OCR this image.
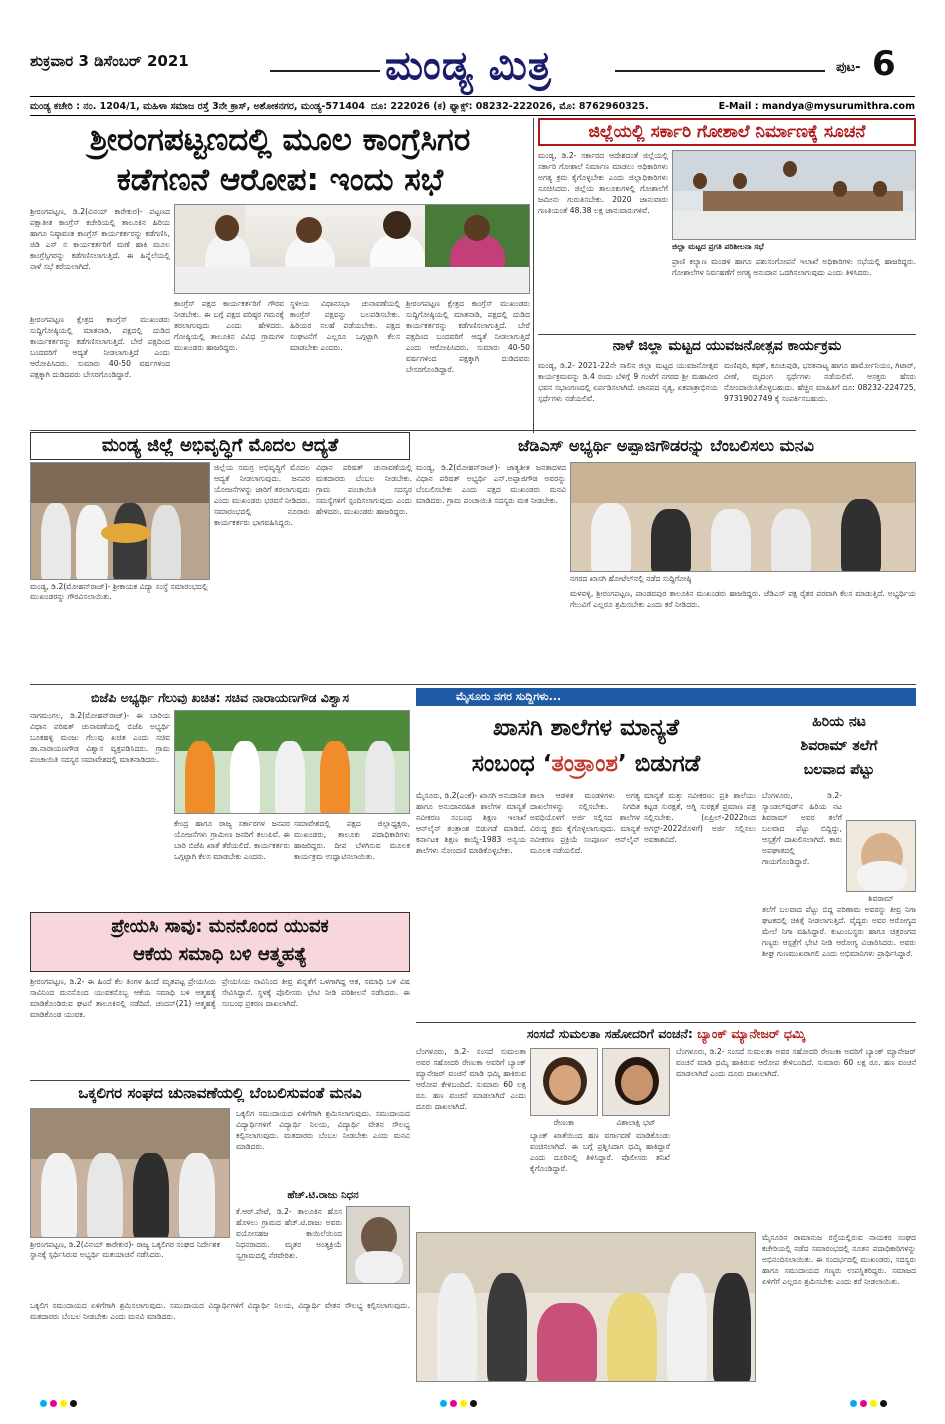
ಶುಕ್ರವಾರ 3 ಡಿಸೆಂಬರ್ 2021	ಮಂಡ್ಯ ಮಿತ್ರ	ಪುಟ- 6
ಮಂಡ್ಯ ಕಚೇರಿ : ನಂ. 1204/1, ಮಹಿಳಾ ಸಮಾಜ ರಸ್ತೆ 3ನೇ ಕ್ರಾಸ್, ಅಶೋಕನಗರ, ಮಂಡ್ಯ-571404 ದೂ: 222026 (ಕ) ಫ್ಯಾಕ್ಸ್: 08232-222026, ಮೊ: 8762960325.	E-Mail : mandya@mysurumithra.com
ಶ್ರೀರಂಗಪಟ್ಟಣದಲ್ಲಿ ಮೂಲ ಕಾಂಗ್ರೆಸಿಗರ
ಕಡೆಗಣನೆ ಆರೋಪ: ಇಂದು ಸಭೆ
ಶ್ರೀರಂಗಪಟ್ಟಣ, ಡಿ.2(ವಿನಯ್ ಕಾರೇಕುರ)- ಪಟ್ಟಣದ ಪಕ್ಷಾತೀತ ಕಾಂಗ್ರೆಸ್ ಕಚೇರಿಯಲ್ಲಿ ತಾಲೂಕಿನ ಹಿರಿಯ ಹಾಗೂ ನಿಷ್ಠಾವಂತ ಕಾಂಗ್ರೆಸ್ ಕಾರ್ಯಕರ್ತರನ್ನು ಕಡೆಗಣಿಸಿ, ಜಿಡಿ ಎಸ್ ನ ಕಾರ್ಯಕರ್ತರಿಗೆ ಮಣೆ ಹಾಕಿ ಮೂಲ ಕಾಂಗ್ರೆಸ್ಸಿಗರನ್ನು ಕಡೆಗಣಿಸಲಾಗುತ್ತಿದೆ. ಈ ಹಿನ್ನೆಲೆಯಲ್ಲಿ ನಾಳೆ ಸಭೆ ಕರೆಯಲಾಗಿದೆ.
ಶ್ರೀರಂಗಪಟ್ಟಣ ಕ್ಷೇತ್ರದ ಕಾಂಗ್ರೆಸ್ ಮುಖಂಡರು ಸುದ್ದಿಗೋಷ್ಠಿಯಲ್ಲಿ ಮಾತನಾಡಿ, ಪಕ್ಷದಲ್ಲಿ ದುಡಿದ ಕಾರ್ಯಕರ್ತರನ್ನು ಕಡೆಗಣಿಸಲಾಗುತ್ತಿದೆ. ಬೇರೆ ಪಕ್ಷದಿಂದ ಬಂದವರಿಗೆ ಆದ್ಯತೆ ನೀಡಲಾಗುತ್ತಿದೆ ಎಂದು ಆರೋಪಿಸಿದರು. ಸುಮಾರು 40-50 ವರ್ಷಗಳಿಂದ ಪಕ್ಷಕ್ಕಾಗಿ ದುಡಿದವರು ಬೇಸರಗೊಂಡಿದ್ದಾರೆ.
ಕಾಂಗ್ರೆಸ್ ಪಕ್ಷದ ಕಾರ್ಯಕರ್ತರಿಗೆ ಗೌರವ ನೀಡಬೇಕು. ಈ ಬಗ್ಗೆ ಪಕ್ಷದ ವರಿಷ್ಠರ ಗಮನಕ್ಕೆ ತರಲಾಗುವುದು ಎಂದು ಹೇಳಿದರು. ಗೋಷ್ಠಿಯಲ್ಲಿ ತಾಲೂಕಿನ ವಿವಿಧ ಗ್ರಾಮಗಳ ಮುಖಂಡರು ಹಾಜರಿದ್ದರು.
ಸ್ಥಳೀಯ ವಿಧಾನಸಭಾ ಚುನಾವಣೆಯಲ್ಲಿ ಕಾಂಗ್ರೆಸ್ ಪಕ್ಷವನ್ನು ಬಲಪಡಿಸಬೇಕು. ಹಿರಿಯರ ಸಲಹೆ ಪಡೆಯಬೇಕು. ಪಕ್ಷದ ಸಂಘಟನೆಗೆ ಎಲ್ಲರೂ ಒಗ್ಗಟ್ಟಾಗಿ ಕೆಲಸ ಮಾಡಬೇಕು ಎಂದರು.
ಶ್ರೀರಂಗಪಟ್ಟಣ ಕ್ಷೇತ್ರದ ಕಾಂಗ್ರೆಸ್ ಮುಖಂಡರು ಸುದ್ದಿಗೋಷ್ಠಿಯಲ್ಲಿ ಮಾತನಾಡಿ, ಪಕ್ಷದಲ್ಲಿ ದುಡಿದ ಕಾರ್ಯಕರ್ತರನ್ನು ಕಡೆಗಣಿಸಲಾಗುತ್ತಿದೆ. ಬೇರೆ ಪಕ್ಷದಿಂದ ಬಂದವರಿಗೆ ಆದ್ಯತೆ ನೀಡಲಾಗುತ್ತಿದೆ ಎಂದು ಆರೋಪಿಸಿದರು. ಸುಮಾರು 40-50 ವರ್ಷಗಳಿಂದ ಪಕ್ಷಕ್ಕಾಗಿ ದುಡಿದವರು ಬೇಸರಗೊಂಡಿದ್ದಾರೆ.
ಜಿಲ್ಲೆಯಲ್ಲಿ ಸರ್ಕಾರಿ ಗೋಶಾಲೆ ನಿರ್ಮಾಣಕ್ಕೆ ಸೂಚನೆ
ಮಂಡ್ಯ, ಡಿ.2- ಸರ್ಕಾರದ ಆದೇಶದಂತೆ ಜಿಲ್ಲೆಯಲ್ಲಿ ಸರ್ಕಾರಿ ಗೋಶಾಲೆ ನಿರ್ಮಾಣ ಮಾಡಲು ಅಧಿಕಾರಿಗಳು ಅಗತ್ಯ ಕ್ರಮ ಕೈಗೊಳ್ಳಬೇಕು ಎಂದು ಜಿಲ್ಲಾಧಿಕಾರಿಗಳು ಸೂಚಿಸಿದರು. ಜಿಲ್ಲೆಯ ತಾಲೂಕುಗಳಲ್ಲಿ ಗೋಶಾಲೆಗೆ ಜಮೀನು ಗುರುತಿಸಬೇಕು. 2020 ಜಾನುವಾರು ಗಣತಿಯಂತೆ 48.38 ಲಕ್ಷ ಜಾನುವಾರುಗಳಿವೆ.
ಜಿಲ್ಲಾ ಮಟ್ಟದ ಪ್ರಗತಿ ಪರಿಶೀಲನಾ ಸಭೆ
ಪ್ರಾಣಿ ಕಲ್ಯಾಣ ಮಂಡಳಿ ಹಾಗೂ ಪಶುಸಂಗೋಪನೆ ಇಲಾಖೆ ಅಧಿಕಾರಿಗಳು ಸಭೆಯಲ್ಲಿ ಹಾಜರಿದ್ದರು. ಗೋಶಾಲೆಗಳ ನಿರ್ವಹಣೆಗೆ ಅಗತ್ಯ ಅನುದಾನ ಒದಗಿಸಲಾಗುವುದು ಎಂದು ತಿಳಿಸಿದರು.
ನಾಳೆ ಜಿಲ್ಲಾ ಮಟ್ಟದ ಯುವಜನೋತ್ಸವ ಕಾರ್ಯಕ್ರಮ
ಮಂಡ್ಯ, ಡಿ.2- 2021-22ನೇ ಸಾಲಿನ ಜಿಲ್ಲಾ ಮಟ್ಟದ ಯುವಜನೋತ್ಸವ ಕಾರ್ಯಕ್ರಮವನ್ನು ಡಿ.4 ರಂದು ಬೆಳಿಗ್ಗೆ 9 ಗಂಟೆಗೆ ನಗರದ ಶ್ರೀ ಮಹಾವೀರ ಭವನ ಸಭಾಂಗಣದಲ್ಲಿ ಏರ್ಪಡಿಸಲಾಗಿದೆ. ಜಾನಪದ ನೃತ್ಯ, ಏಕಪಾತ್ರಾಭಿನಯ ಸ್ಪರ್ಧೆಗಳು ನಡೆಯಲಿವೆ.
ಮಣಿಪುರಿ, ಕಥಕ್, ಕೂಚುಪುಡಿ, ಭರತನಾಟ್ಯ ಹಾಗೂ ಹಾರ್ಮೋನಿಯಂ, ಗಿಟಾರ್, ವೀಣೆ, ಮೃದಂಗ ಸ್ಪರ್ಧೆಗಳು ನಡೆಯಲಿವೆ. ಆಸಕ್ತರು ಹೆಸರು ನೋಂದಾಯಿಸಿಕೊಳ್ಳಬಹುದು. ಹೆಚ್ಚಿನ ಮಾಹಿತಿಗೆ ದೂ: 08232-224725, 9731902749 ಕ್ಕೆ ಸಂಪರ್ಕಿಸಬಹುದು.
ಮಂಡ್ಯ ಜಿಲ್ಲೆ ಅಭಿವೃದ್ಧಿಗೆ ಮೊದಲ ಆದ್ಯತೆ
ಮಂಡ್ಯ, ಡಿ.2(ಮೋಹನ್‌ರಾಜ್)- ಶ್ರೀಕಾಯಕ ವಿದ್ಯಾ ಸಂಸ್ಥೆ ಸಮಾರಂಭದಲ್ಲಿ ಮುಖಂಡರನ್ನು ಗೌರವಿಸಲಾಯಿತು.
ಜಿಲ್ಲೆಯ ಸಮಗ್ರ ಅಭಿವೃದ್ಧಿಗೆ ಮೊದಲ ಆದ್ಯತೆ ನೀಡಲಾಗುವುದು. ಜನಪರ ಯೋಜನೆಗಳನ್ನು ಜಾರಿಗೆ ತರಲಾಗುವುದು ಎಂದು ಮುಖಂಡರು ಭರವಸೆ ನೀಡಿದರು. ಸಮಾರಂಭದಲ್ಲಿ ನೂರಾರು ಕಾರ್ಯಕರ್ತರು ಭಾಗವಹಿಸಿದ್ದರು.
ವಿಧಾನ ಪರಿಷತ್ ಚುನಾವಣೆಯಲ್ಲಿ ಮತದಾರರು ಬೆಂಬಲ ನೀಡಬೇಕು. ಗ್ರಾಮ ಪಂಚಾಯಿತಿ ಸದಸ್ಯರ ಸಮಸ್ಯೆಗಳಿಗೆ ಸ್ಪಂದಿಸಲಾಗುವುದು ಎಂದು ಹೇಳಿದರು. ಮುಖಂಡರು ಹಾಜರಿದ್ದರು.
ಜೆಡಿಎಸ್ ಅಭ್ಯರ್ಥಿ ಅಪ್ಪಾಜಿಗೌಡರನ್ನು ಬೆಂಬಲಿಸಲು ಮನವಿ
ಮಂಡ್ಯ, ಡಿ.2(ಮೋಹನ್‌ರಾಜ್)- ಜಾತ್ಯತೀತ ಜನತಾದಳದ ವಿಧಾನ ಪರಿಷತ್ ಅಭ್ಯರ್ಥಿ ಎನ್.ಅಪ್ಪಾಜಿಗೌಡ ಅವರನ್ನು ಬೆಂಬಲಿಸಬೇಕು ಎಂದು ಪಕ್ಷದ ಮುಖಂಡರು ಮನವಿ ಮಾಡಿದರು. ಗ್ರಾಮ ಪಂಚಾಯಿತಿ ಸದಸ್ಯರು ಮತ ನೀಡಬೇಕು.
ನಗರದ ಖಾಸಗಿ ಹೋಟೆಲ್‌ನಲ್ಲಿ ನಡೆದ ಸುದ್ದಿಗೋಷ್ಠಿ
ಮಳವಳ್ಳಿ, ಶ್ರೀರಂಗಪಟ್ಟಣ, ಪಾಂಡವಪುರ ತಾಲೂಕಿನ ಮುಖಂಡರು ಹಾಜರಿದ್ದರು. ಜೆಡಿಎಸ್ ಪಕ್ಷ ರೈತರ ಪರವಾಗಿ ಕೆಲಸ ಮಾಡುತ್ತಿದೆ. ಅಭ್ಯರ್ಥಿಯ ಗೆಲುವಿಗೆ ಎಲ್ಲರೂ ಶ್ರಮಿಸಬೇಕು ಎಂದು ಕರೆ ನೀಡಿದರು.
ಬಿಜೆಪಿ ಅಭ್ಯರ್ಥಿ ಗೆಲುವು ಖಚಿತ: ಸಚಿವ ನಾರಾಯಣಗೌಡ ವಿಶ್ವಾಸ
ನಾಗಮಂಗಲ, ಡಿ.2(ಮೋಹನ್‌ರಾಜ್)- ಈ ಬಾರಿಯ ವಿಧಾನ ಪರಿಷತ್ ಚುನಾವಣೆಯಲ್ಲಿ ಬಿಜೆಪಿ ಅಭ್ಯರ್ಥಿ ಬೂಕಹಳ್ಳಿ ಮಂಜು ಗೆಲುವು ಖಚಿತ ಎಂದು ಸಚಿವ ಡಾ.ನಾರಾಯಣಗೌಡ ವಿಶ್ವಾಸ ವ್ಯಕ್ತಪಡಿಸಿದರು. ಗ್ರಾಮ ಪಂಚಾಯಿತಿ ಸದಸ್ಯರ ಸಮಾವೇಶದಲ್ಲಿ ಮಾತನಾಡಿದರು.
ಕೇಂದ್ರ ಹಾಗೂ ರಾಜ್ಯ ಸರ್ಕಾರಗಳ ಜನಪರ ಯೋಜನೆಗಳು ಗ್ರಾಮೀಣ ಜನರಿಗೆ ತಲುಪಿವೆ. ಈ ಬಾರಿ ಬಿಜೆಪಿ ಖಾತೆ ತೆರೆಯಲಿದೆ. ಕಾರ್ಯಕರ್ತರು ಒಗ್ಗಟ್ಟಾಗಿ ಕೆಲಸ ಮಾಡಬೇಕು ಎಂದರು.
ಸಮಾವೇಶದಲ್ಲಿ ಪಕ್ಷದ ಜಿಲ್ಲಾಧ್ಯಕ್ಷರು, ಮುಖಂಡರು, ತಾಲೂಕು ಪದಾಧಿಕಾರಿಗಳು ಹಾಜರಿದ್ದರು. ದೀಪ ಬೆಳಗಿಸುವ ಮೂಲಕ ಕಾರ್ಯಕ್ರಮ ಉದ್ಘಾಟಿಸಲಾಯಿತು.
ಮೈಸೂರು ನಗರ ಸುದ್ದಿಗಳು...
ಖಾಸಗಿ ಶಾಲೆಗಳ ಮಾನ್ಯತೆ
ಸಂಬಂಧ ‘ತಂತ್ರಾಂಶ’ ಬಿಡುಗಡೆ
ಮೈಸೂರು, ಡಿ.2(ಎಂಕೆ)- ಖಾಸಗಿ ಅನುದಾನಿತ ಹಾಗೂ ಅನುದಾನರಹಿತ ಶಾಲೆಗಳ ಮಾನ್ಯತೆ ನವೀಕರಣ ಸಂಬಂಧ ಶಿಕ್ಷಣ ಇಲಾಖೆ ಆನ್‌ಲೈನ್ ತಂತ್ರಾಂಶ ಬಿಡುಗಡೆ ಮಾಡಿದೆ. ಕರ್ನಾಟಕ ಶಿಕ್ಷಣ ಕಾಯ್ದೆ-1983 ಅನ್ವಯ ಶಾಲೆಗಳು ನೋಂದಣಿ ಮಾಡಿಕೊಳ್ಳಬೇಕು.
ಶಾಲಾ ಆಡಳಿತ ಮಂಡಳಿಗಳು ಅಗತ್ಯ ದಾಖಲೆಗಳನ್ನು ಸಲ್ಲಿಸಬೇಕು. ನಿಗದಿತ ಅವಧಿಯೊಳಗೆ ಅರ್ಜಿ ಸಲ್ಲಿಸದ ಶಾಲೆಗಳ ವಿರುದ್ಧ ಕ್ರಮ ಕೈಗೊಳ್ಳಲಾಗುವುದು. ಮಾನ್ಯತೆ ನವೀಕರಣ ಪ್ರಕ್ರಿಯೆ ಸಂಪೂರ್ಣ ಆನ್‌ಲೈನ್ ಮೂಲಕ ನಡೆಯಲಿದೆ.
ಮಾನ್ಯತೆ ಮತ್ತು ನವೀಕರಣ: ಪ್ರತಿ ಶಾಲೆಯು ಕಟ್ಟಡ ಸುರಕ್ಷತೆ, ಅಗ್ನಿ ಸುರಕ್ಷತೆ ಪ್ರಮಾಣ ಪತ್ರ ಸಲ್ಲಿಸಬೇಕು. (ಏಪ್ರಿಲ್-2022ರಿಂದ ಅಗಸ್ಟ್-2022ರೊಳಗೆ) ಅರ್ಜಿ ಸಲ್ಲಿಸಲು ಅವಕಾಶವಿದೆ.
ಹಿರಿಯ ನಟ
ಶಿವರಾಮ್ ತಲೆಗೆ
ಬಲವಾದ ಪೆಟ್ಟು
ಬೆಂಗಳೂರು, ಡಿ.2- ಸ್ಯಾಂಡಲ್‌ವುಡ್‌ನ ಹಿರಿಯ ನಟ ಶಿವರಾಮ್ ಅವರ ತಲೆಗೆ ಬಲವಾದ ಪೆಟ್ಟು ಬಿದ್ದಿದ್ದು, ಆಸ್ಪತ್ರೆಗೆ ದಾಖಲಿಸಲಾಗಿದೆ. ಕಾರು ಅಪಘಾತದಲ್ಲಿ ಗಾಯಗೊಂಡಿದ್ದಾರೆ.
ಶಿವರಾಮ್
ತಲೆಗೆ ಬಲವಾದ ಪೆಟ್ಟು ಬಿದ್ದ ಪರಿಣಾಮ ಅವರನ್ನು ತೀವ್ರ ನಿಗಾ ಘಟಕದಲ್ಲಿ ಚಿಕಿತ್ಸೆ ನೀಡಲಾಗುತ್ತಿದೆ. ವೈದ್ಯರು ಅವರ ಆರೋಗ್ಯದ ಮೇಲೆ ನಿಗಾ ವಹಿಸಿದ್ದಾರೆ. ಕುಟುಂಬಸ್ಥರು ಹಾಗೂ ಚಿತ್ರರಂಗದ ಗಣ್ಯರು ಆಸ್ಪತ್ರೆಗೆ ಭೇಟಿ ನೀಡಿ ಆರೋಗ್ಯ ವಿಚಾರಿಸಿದರು. ಅವರು ಶೀಘ್ರ ಗುಣಮುಖರಾಗಲಿ ಎಂದು ಅಭಿಮಾನಿಗಳು ಪ್ರಾರ್ಥಿಸಿದ್ದಾರೆ.
ಪ್ರೇಯಸಿ ಸಾವು: ಮನನೊಂದ ಯುವಕ
ಆಕೆಯ ಸಮಾಧಿ ಬಳಿ ಆತ್ಮಹತ್ಯೆ
ಶ್ರೀರಂಗಪಟ್ಟಣ, ಡಿ.2- ಈ ಹಿಂದೆ ಕೆಲ ತಿಂಗಳ ಹಿಂದೆ ಮೃತಪಟ್ಟ ಪ್ರೇಯಸಿಯ ಸಾವಿನಿಂದ ಮನನೊಂದ ಯುವಕನೊಬ್ಬ ಆಕೆಯ ಸಮಾಧಿ ಬಳಿ ಆತ್ಮಹತ್ಯೆ ಮಾಡಿಕೊಂಡಿರುವ ಘಟನೆ ತಾಲೂಕಿನಲ್ಲಿ ನಡೆದಿದೆ. ಚಂದನ್(21) ಆತ್ಮಹತ್ಯೆ ಮಾಡಿಕೊಂಡ ಯುವಕ.
ಪ್ರೇಯಸಿಯ ಸಾವಿನಿಂದ ತೀವ್ರ ಖಿನ್ನತೆಗೆ ಒಳಗಾಗಿದ್ದ ಆತ, ಸಮಾಧಿ ಬಳಿ ವಿಷ ಸೇವಿಸಿದ್ದಾನೆ. ಸ್ಥಳಕ್ಕೆ ಪೊಲೀಸರು ಭೇಟಿ ನೀಡಿ ಪರಿಶೀಲನೆ ನಡೆಸಿದರು. ಈ ಸಂಬಂಧ ಪ್ರಕರಣ ದಾಖಲಾಗಿದೆ.
ಒಕ್ಕಲಿಗರ ಸಂಘದ ಚುನಾವಣೆಯಲ್ಲಿ ಬೆಂಬಲಿಸುವಂತೆ ಮನವಿ
ಶ್ರೀರಂಗಪಟ್ಟಣ, ಡಿ.2(ವಿನಯ್ ಕಾರೇಕುರ)- ರಾಜ್ಯ ಒಕ್ಕಲಿಗರ ಸಂಘದ ನಿರ್ದೇಶಕ ಸ್ಥಾನಕ್ಕೆ ಸ್ಪರ್ಧಿಸಿರುವ ಅಭ್ಯರ್ಥಿ ಮತಯಾಚನೆ ನಡೆಸಿದರು.
ಒಕ್ಕಲಿಗ ಸಮುದಾಯದ ಏಳಿಗೆಗಾಗಿ ಶ್ರಮಿಸಲಾಗುವುದು. ಸಮುದಾಯದ ವಿದ್ಯಾರ್ಥಿಗಳಿಗೆ ವಿದ್ಯಾರ್ಥಿ ನಿಲಯ, ವಿದ್ಯಾರ್ಥಿ ವೇತನ ಸೌಲಭ್ಯ ಕಲ್ಪಿಸಲಾಗುವುದು. ಮತದಾರರು ಬೆಂಬಲ ನೀಡಬೇಕು ಎಂದು ಮನವಿ ಮಾಡಿದರು.
ಹೆಚ್.ಟಿ.ರಾಜು ನಿಧನ
ಕೆ.ಆರ್.ಪೇಟೆ, ಡಿ.2- ತಾಲೂಕಿನ ಹೊಸ ಹೊಳಲು ಗ್ರಾಮದ ಹೆಚ್.ಟಿ.ರಾಜು ಅವರು ವಯೋಸಹಜ ಕಾಯಿಲೆಯಿಂದ ನಿಧನರಾದರು. ಮೃತರ ಅಂತ್ಯಕ್ರಿಯೆ ಸ್ವಗ್ರಾಮದಲ್ಲಿ ನೆರವೇರಿತು.
ಒಕ್ಕಲಿಗ ಸಮುದಾಯದ ಏಳಿಗೆಗಾಗಿ ಶ್ರಮಿಸಲಾಗುವುದು. ಸಮುದಾಯದ ವಿದ್ಯಾರ್ಥಿಗಳಿಗೆ ವಿದ್ಯಾರ್ಥಿ ನಿಲಯ, ವಿದ್ಯಾರ್ಥಿ ವೇತನ ಸೌಲಭ್ಯ ಕಲ್ಪಿಸಲಾಗುವುದು. ಮತದಾರರು ಬೆಂಬಲ ನೀಡಬೇಕು ಎಂದು ಮನವಿ ಮಾಡಿದರು.
ಸಂಸದೆ ಸುಮಲತಾ ಸಹೋದರಿಗೆ ವಂಚನೆ: ಬ್ಯಾಂಕ್ ಮ್ಯಾನೇಜರ್ ಧಮ್ಕಿ
ಬೆಂಗಳೂರು, ಡಿ.2- ಸಂಸದೆ ಸುಮಲತಾ ಅವರ ಸಹೋದರಿ ರೇಣುಕಾ ಅವರಿಗೆ ಬ್ಯಾಂಕ್ ಮ್ಯಾನೇಜರ್ ವಂಚನೆ ಮಾಡಿ ಧಮ್ಕಿ ಹಾಕಿರುವ ಆರೋಪ ಕೇಳಿಬಂದಿದೆ. ಸುಮಾರು 60 ಲಕ್ಷ ರೂ. ಹಣ ವಂಚನೆ ಮಾಡಲಾಗಿದೆ ಎಂದು ದೂರು ದಾಖಲಾಗಿದೆ.
ರೇಣುಕಾ	ವಿಶಾಲಾಕ್ಷಿ ಭಟ್
ಬ್ಯಾಂಕ್ ಖಾತೆಯಿಂದ ಹಣ ವರ್ಗಾವಣೆ ಮಾಡಿಕೊಂಡು ವಂಚಿಸಲಾಗಿದೆ. ಈ ಬಗ್ಗೆ ಪ್ರಶ್ನಿಸಿದಾಗ ಧಮ್ಕಿ ಹಾಕಿದ್ದಾರೆ ಎಂದು ದೂರಿನಲ್ಲಿ ತಿಳಿಸಿದ್ದಾರೆ. ಪೊಲೀಸರು ತನಿಖೆ ಕೈಗೊಂಡಿದ್ದಾರೆ.
ಬೆಂಗಳೂರು, ಡಿ.2- ಸಂಸದೆ ಸುಮಲತಾ ಅವರ ಸಹೋದರಿ ರೇಣುಕಾ ಅವರಿಗೆ ಬ್ಯಾಂಕ್ ಮ್ಯಾನೇಜರ್ ವಂಚನೆ ಮಾಡಿ ಧಮ್ಕಿ ಹಾಕಿರುವ ಆರೋಪ ಕೇಳಿಬಂದಿದೆ. ಸುಮಾರು 60 ಲಕ್ಷ ರೂ. ಹಣ ವಂಚನೆ ಮಾಡಲಾಗಿದೆ ಎಂದು ದೂರು ದಾಖಲಾಗಿದೆ.
ಮೈಸೂರಿನ ರಾಮಾನುಜ ರಸ್ತೆಯಲ್ಲಿರುವ ನಾಯಕರ ಸಂಘದ ಕಚೇರಿಯಲ್ಲಿ ನಡೆದ ಸಮಾರಂಭದಲ್ಲಿ ನೂತನ ಪದಾಧಿಕಾರಿಗಳನ್ನು ಅಭಿನಂದಿಸಲಾಯಿತು. ಈ ಸಂದರ್ಭದಲ್ಲಿ ಮುಖಂಡರು, ಸದಸ್ಯರು ಹಾಗೂ ಸಮುದಾಯದ ಗಣ್ಯರು ಉಪಸ್ಥಿತರಿದ್ದರು. ಸಮಾಜದ ಏಳಿಗೆಗೆ ಎಲ್ಲರೂ ಶ್ರಮಿಸಬೇಕು ಎಂದು ಕರೆ ನೀಡಲಾಯಿತು.
